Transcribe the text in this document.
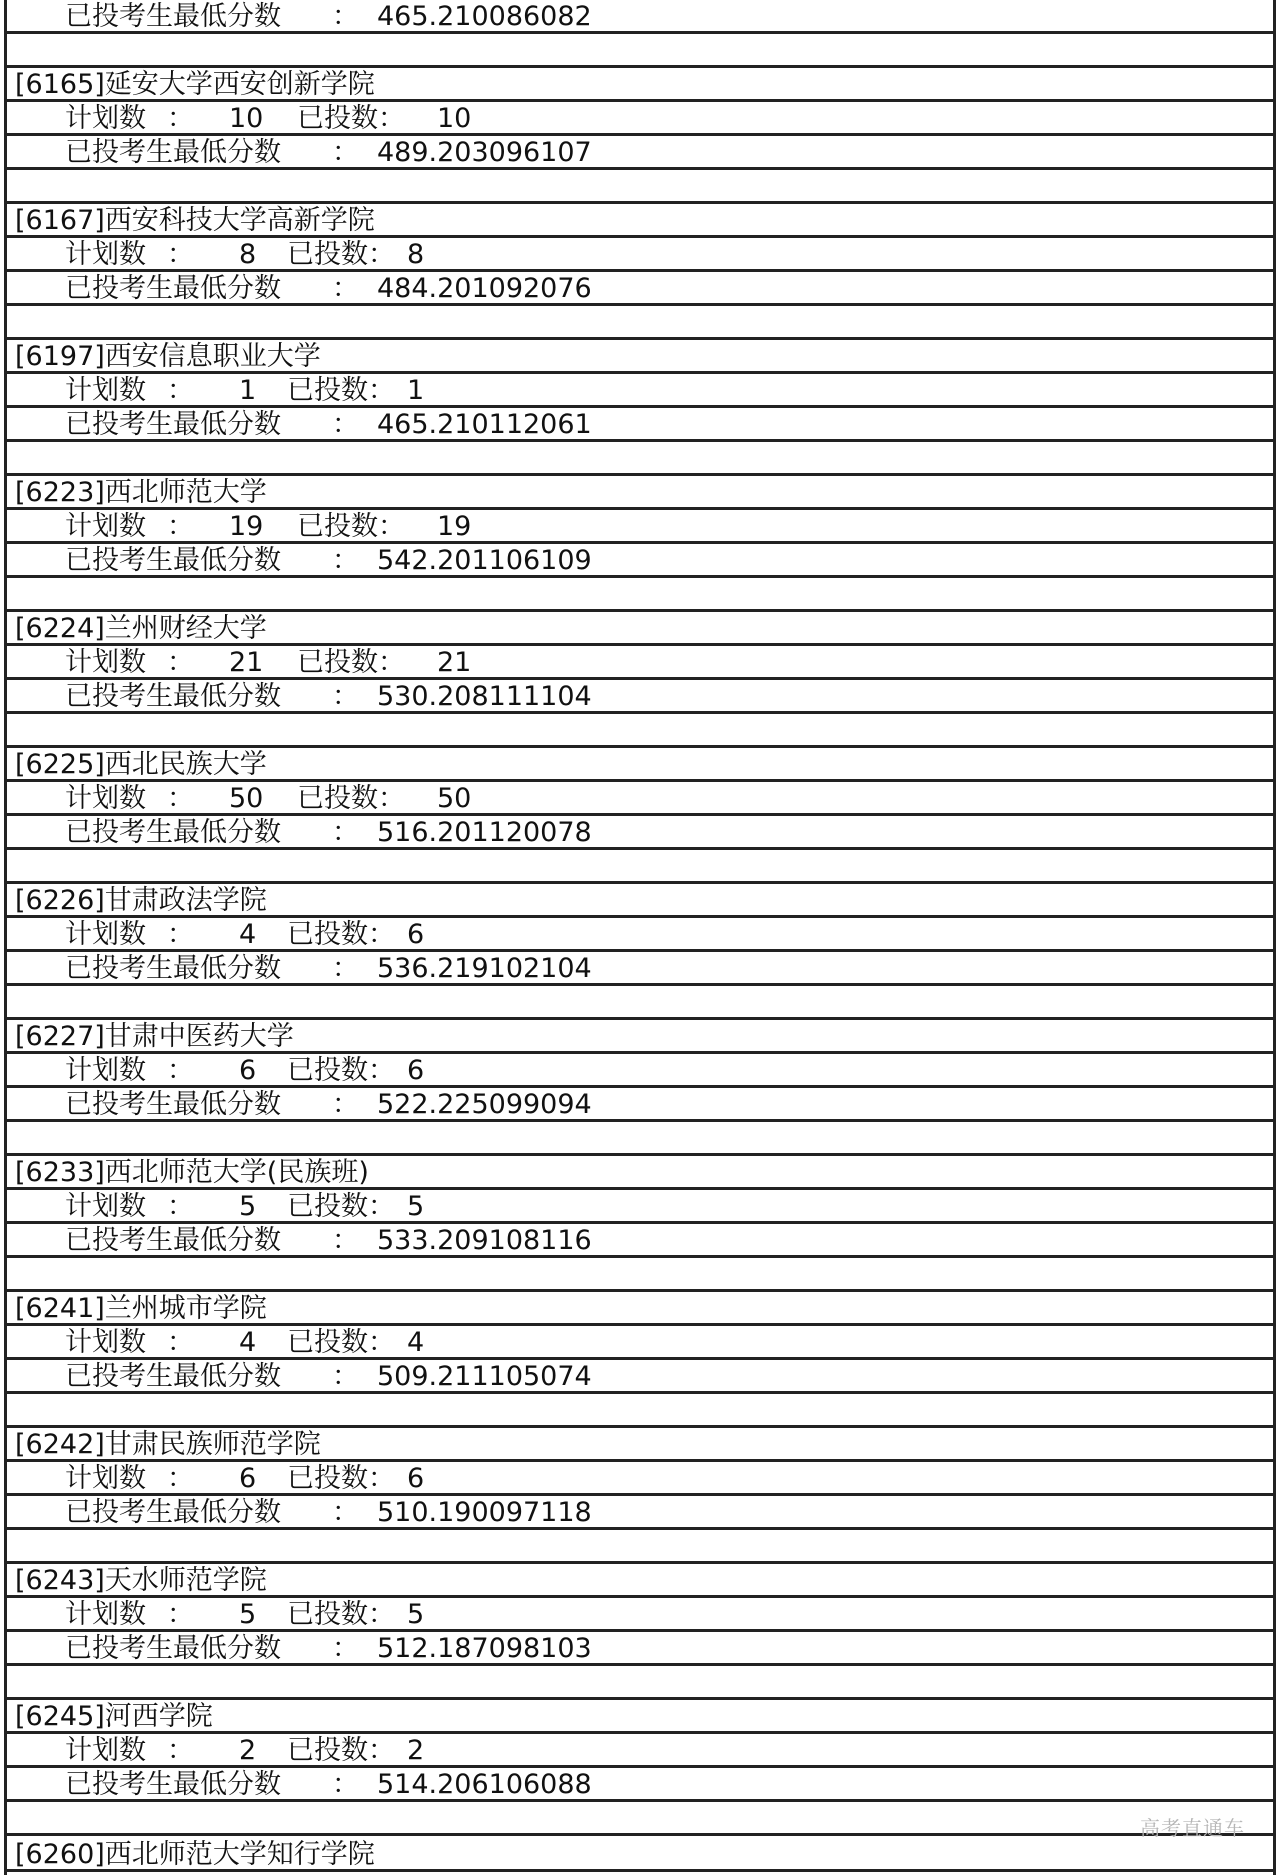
已投考生最低分数 ： 465.210086082
[6260]西北师范大学知行学院
[6165]延安大学西安创新学院
计划数 ： 10 已投数： 10
已投考生最低分数 ： 489.203096107
[6167]西安科技大学高新学院
计划数 ： 8 已投数： 8
已投考生最低分数 ： 484.201092076
[6197]西安信息职业大学
计划数 ： 1 已投数： 1
已投考生最低分数 ： 465.210112061
[6223]西北师范大学
计划数 ： 19 已投数： 19
已投考生最低分数 ： 542.201106109
[6224]兰州财经大学
计划数 ： 21 已投数： 21
已投考生最低分数 ： 530.208111104
[6225]西北民族大学
计划数 ： 50 已投数： 50
已投考生最低分数 ： 516.201120078
[6226]甘肃政法学院
计划数 ： 4 已投数： 6
已投考生最低分数 ： 536.219102104
[6227]甘肃中医药大学
计划数 ： 6 已投数： 6
已投考生最低分数 ： 522.225099094
[6233]西北师范大学(民族班)
计划数 ： 5 已投数： 5
已投考生最低分数 ： 533.209108116
[6241]兰州城市学院
计划数 ： 4 已投数： 4
已投考生最低分数 ： 509.211105074
[6242]甘肃民族师范学院
计划数 ： 6 已投数： 6
已投考生最低分数 ： 510.190097118
[6243]天水师范学院
计划数 ： 5 已投数： 5
已投考生最低分数 ： 512.187098103
[6245]河西学院
计划数 ： 2 已投数： 2
已投考生最低分数 ： 514.206106088
高考直通车
